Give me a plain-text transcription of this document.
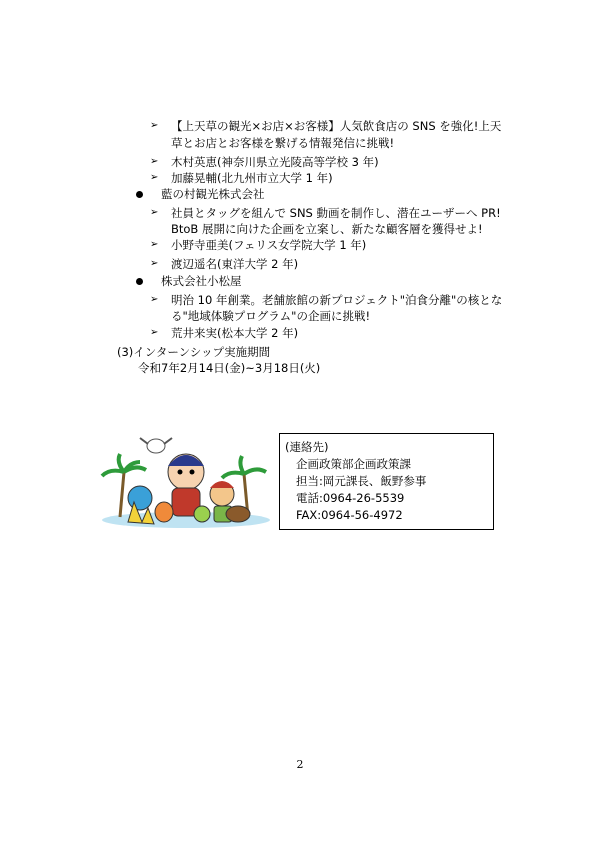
➢ 【上天草の観光×お店×お客様】人気飲食店の SNS を強化!上天
草とお店とお客様を繋げる情報発信に挑戦!
➢ 木村英恵(神奈川県立光陵高等学校 3 年)
➢ 加藤晃輔(北九州市立大学 1 年)
藍の村観光株式会社
➢ 社員とタッグを組んで SNS 動画を制作し、潜在ユーザーへ PR!
BtoB 展開に向けた企画を立案し、新たな顧客層を獲得せよ!
➢ 小野寺亜美(フェリス女学院大学 1 年)
➢ 渡辺遥名(東洋大学 2 年)
株式会社小松屋
➢ 明治 10 年創業。老舗旅館の新プロジェクト"泊食分離"の核とな
る"地域体験プログラム"の企画に挑戦!
➢ 荒井来実(松本大学 2 年)
(3)インターンシップ実施期間
令和7年2月14日(金)~3月18日(火)
(連絡先)
企画政策部企画政策課
担当:岡元課長、飯野参事
電話:0964-26-5539
FAX:0964-56-4972
2
